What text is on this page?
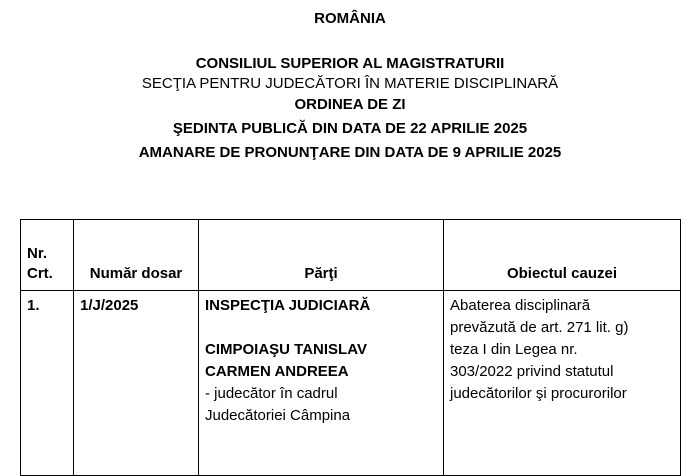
ROMÂNIA
CONSILIUL SUPERIOR AL MAGISTRATURII
SECŢIA PENTRU JUDECĂTORI ÎN MATERIE DISCIPLINARĂ
ORDINEA DE ZI
ŞEDINTA PUBLICĂ DIN DATA DE 22 APRILIE 2025
AMANARE DE PRONUNŢARE DIN DATA DE 9 APRILIE 2025
Nr.
Crt.	Număr dosar	Părţi	Obiectul cauzei
1.	1/J/2025	INSPECŢIA JUDICIARĂ
CIMPOIAŞU TANISLAV
CARMEN ANDREEA
- judecător în cadrul
Judecătoriei Câmpina	Abaterea disciplinară
prevăzută de art. 271 lit. g)
teza I din Legea nr.
303/2022 privind statutul
judecătorilor şi procurorilor
